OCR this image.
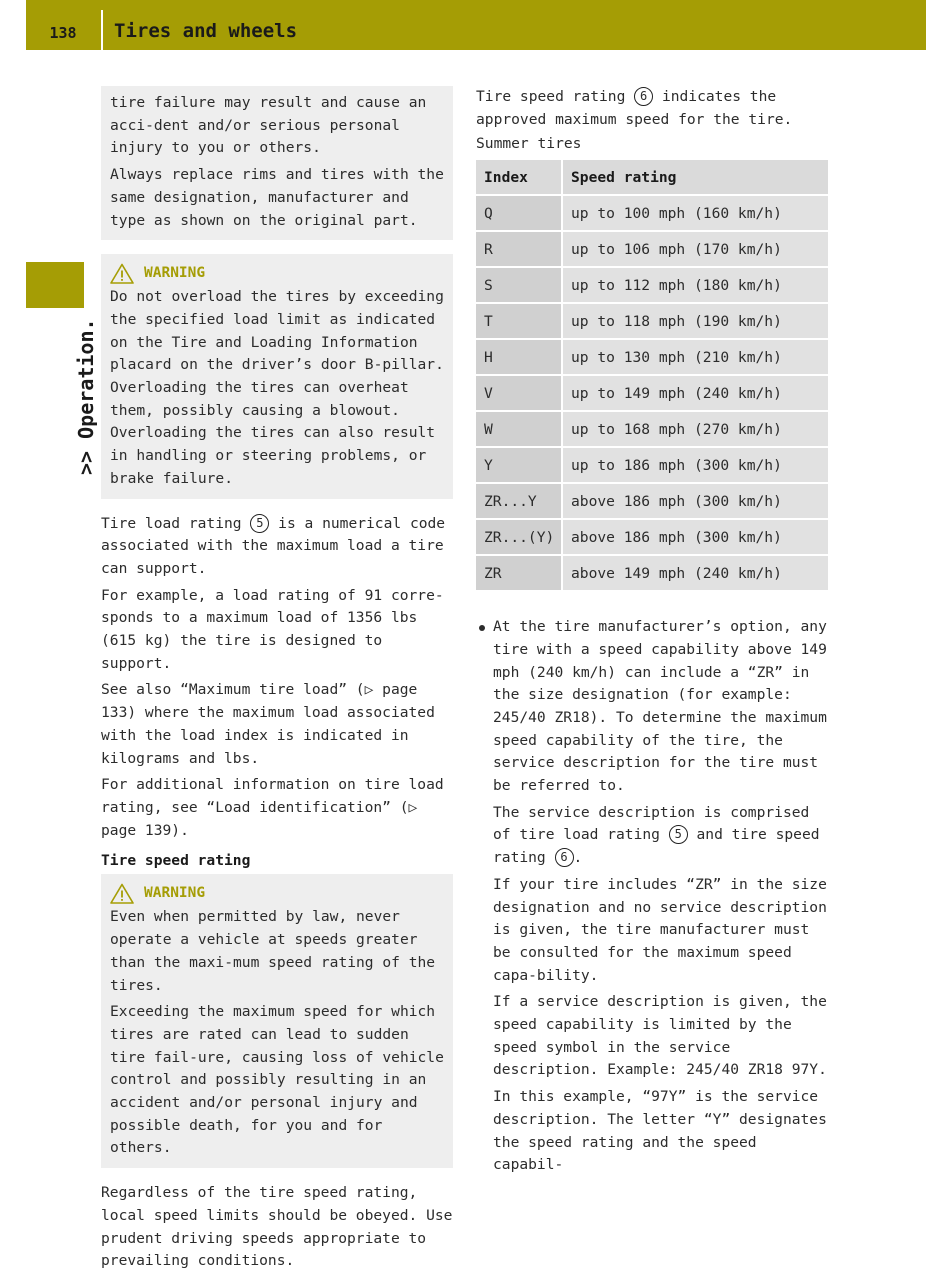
138	Tires and wheels
>> Operation.

tire failure may result and cause an acci-dent and/or serious personal injury to you or others.

Always replace rims and tires with the same designation, manufacturer and type as shown on the original part.

WARNING

Do not overload the tires by exceeding the specified load limit as indicated on the Tire and Loading Information placard on the driver’s door B-pillar. Overloading the tires can overheat them, possibly causing a blowout. Overloading the tires can also result in handling or steering problems, or brake failure.

Tire load rating 5 is a numerical code associated with the maximum load a tire can support.

For example, a load rating of 91 corre-sponds to a maximum load of 1356 lbs (615 kg) the tire is designed to support.

See also “Maximum tire load” (▷ page 133) where the maximum load associated with the load index is indicated in kilograms and lbs.

For additional information on tire load rating, see “Load identification” (▷ page 139).

Tire speed rating
WARNING

Even when permitted by law, never operate a vehicle at speeds greater than the maxi-mum speed rating of the tires.

Exceeding the maximum speed for which tires are rated can lead to sudden tire fail-ure, causing loss of vehicle control and possibly resulting in an accident and/or personal injury and possible death, for you and for others.

Regardless of the tire speed rating, local speed limits should be obeyed. Use prudent driving speeds appropriate to prevailing conditions.

Tire speed rating 6 indicates the approved maximum speed for the tire.

Summer tires

Index	Speed rating
Q	up to 100 mph (160 km/h)
R	up to 106 mph (170 km/h)
S	up to 112 mph (180 km/h)
T	up to 118 mph (190 km/h)
H	up to 130 mph (210 km/h)
V	up to 149 mph (240 km/h)
W	up to 168 mph (270 km/h)
Y	up to 186 mph (300 km/h)
ZR...Y	above 186 mph (300 km/h)
ZR...(Y)	above 186 mph (300 km/h)
ZR	above 149 mph (240 km/h)

At the tire manufacturer’s option, any tire with a speed capability above 149 mph (240 km/h) can include a “ZR” in the size designation (for example: 245/40 ZR18). To determine the maximum speed capability of the tire, the service description for the tire must be referred to.

The service description is comprised of tire load rating 5 and tire speed rating 6 .

If your tire includes “ZR” in the size designation and no service description is given, the tire manufacturer must be consulted for the maximum speed capa-bility.

If a service description is given, the speed capability is limited by the speed symbol in the service description. Example: 245/40 ZR18 97Y.

In this example, “97Y” is the service description. The letter “Y” designates the speed rating and the speed capabil-
